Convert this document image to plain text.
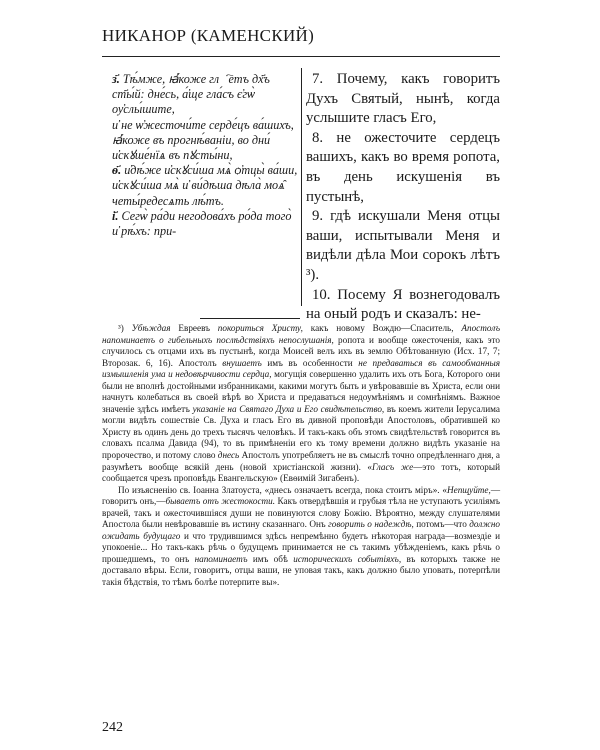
НИКАНОР (КАМЕНСКИЙ)

з҃. Тѣ́мже, ꙗ҆́коже глⷢ҇етъ дх҃ъ ст҃ы́й: дне́сь, а҆́ще гла́съ є҆гѡ̀ оу҆слы́шите,

и҆ не ѡ҆жесточи́те серде́цъ ва́шихъ, ꙗ҆́коже въ прогнѣ́ваніи, во дни́ и҆скꙋше́нїѧ въ пꙋсты́ни,

ѳ҃. и҆дѣ́же и҆скꙋси́ша мѧ̀ ѻ҆тцы̀ ва́ши, и҆скꙋси́ша мѧ̀ и҆ ви́дѣша дѣла̀ моѧ̑ четы́редесѧть лѣ́тъ.

і҃. Сегѡ̀ ра́ди негодова́хъ ро́да того̀ и҆ рѣ́хъ: при-

7. Почему, какъ говоритъ Духъ Святый, нынѣ, когда услышите гласъ Его,

8. не ожесточите сердецъ вашихъ, какъ во время ропота, въ день искушенія въ пустынѣ,

9. гдѣ искушали Меня отцы ваши, испытывали Меня и видѣли дѣла Мои сорокъ лѣтъ ³).

10. Посему Я вознегодовалъ на оный родъ и сказалъ: не-

³) Убѣждая Евреевъ покориться Христу, какъ новому Вождю—Спаситель, Апостолъ напоминаетъ о гибельныхъ послѣдствіяхъ непослушанія, ропота и вообще ожесточенія, какъ это случилось съ отцами ихъ въ пустынѣ, когда Моисей велъ ихъ въ землю Обѣтованную (Исх. 17, 7; Второзак. 6, 16). Апостолъ внушаетъ имъ въ особенности не предаваться въ самообманныя измышленія ума и недовѣрчивости сердца, могущія совершенно удалить ихъ отъ Бога, Которого они были не вполнѣ достойными избранниками, какими могутъ быть и увѣровавшіе въ Христа, если они начнутъ колебаться въ своей вѣрѣ во Христа и предаваться недоумѣніямъ и сомнѣніямъ. Важное значеніе здѣсь имѣетъ указаніе на Святаго Духа и Его свидѣтельство, въ коемъ жители Іерусалима могли видѣть сошествіе Св. Духа и гласъ Его въ дивной проповѣди Апостоловъ, обратившей ко Христу въ одинъ день до трехъ тысячъ человѣкъ. И такъ-какъ объ этомъ свидѣтельствѣ говорится въ словахъ псалма Давида (94), то въ примѣненіи его къ тому времени должно видѣть указаніе на пророчество, и потому слово днесь Апостолъ употребляетъ не въ смыслѣ точно опредѣленнаго дня, а разумѣетъ вообще всякій день (новой христіанской жизни). «Гласъ же—это тотъ, который сообщается чрезъ проповѣдь Евангельскую» (Евѳимій Зигабенъ).

По изъясненію св. Іоанна Златоуста, «днесь означаетъ всегда, пока стоитъ міръ». «Непщуйте,—говоритъ онъ,—бываетъ отъ жестокости. Какъ отвердѣвшія и грубыя тѣла не уступаютъ усиліямъ врачей, такъ и ожесточившіяся души не повинуются слову Божію. Вѣроятно, между слушателями Апостола были невѣровавшіе въ истину сказаннаго. Онъ говорить о надеждѣ, потомъ—что должно ожидать будущаго и что трудившимся здѣсь непремѣнно будетъ нѣкоторая награда—возмездіе и упокоеніе... Но такъ-какъ рѣчь о будущемъ принимается не съ такимъ убѣжденіемъ, какъ рѣчь о прошедшемъ, то онъ напоминаетъ имъ обѣ историческихъ событіяхъ, въ которыхъ также не доставало вѣры. Если, говоритъ, отцы ваши, не уповая такъ, какъ должно было уповать, потерпѣли такія бѣдствія, то тѣмъ болѣе потерпите вы».

242
